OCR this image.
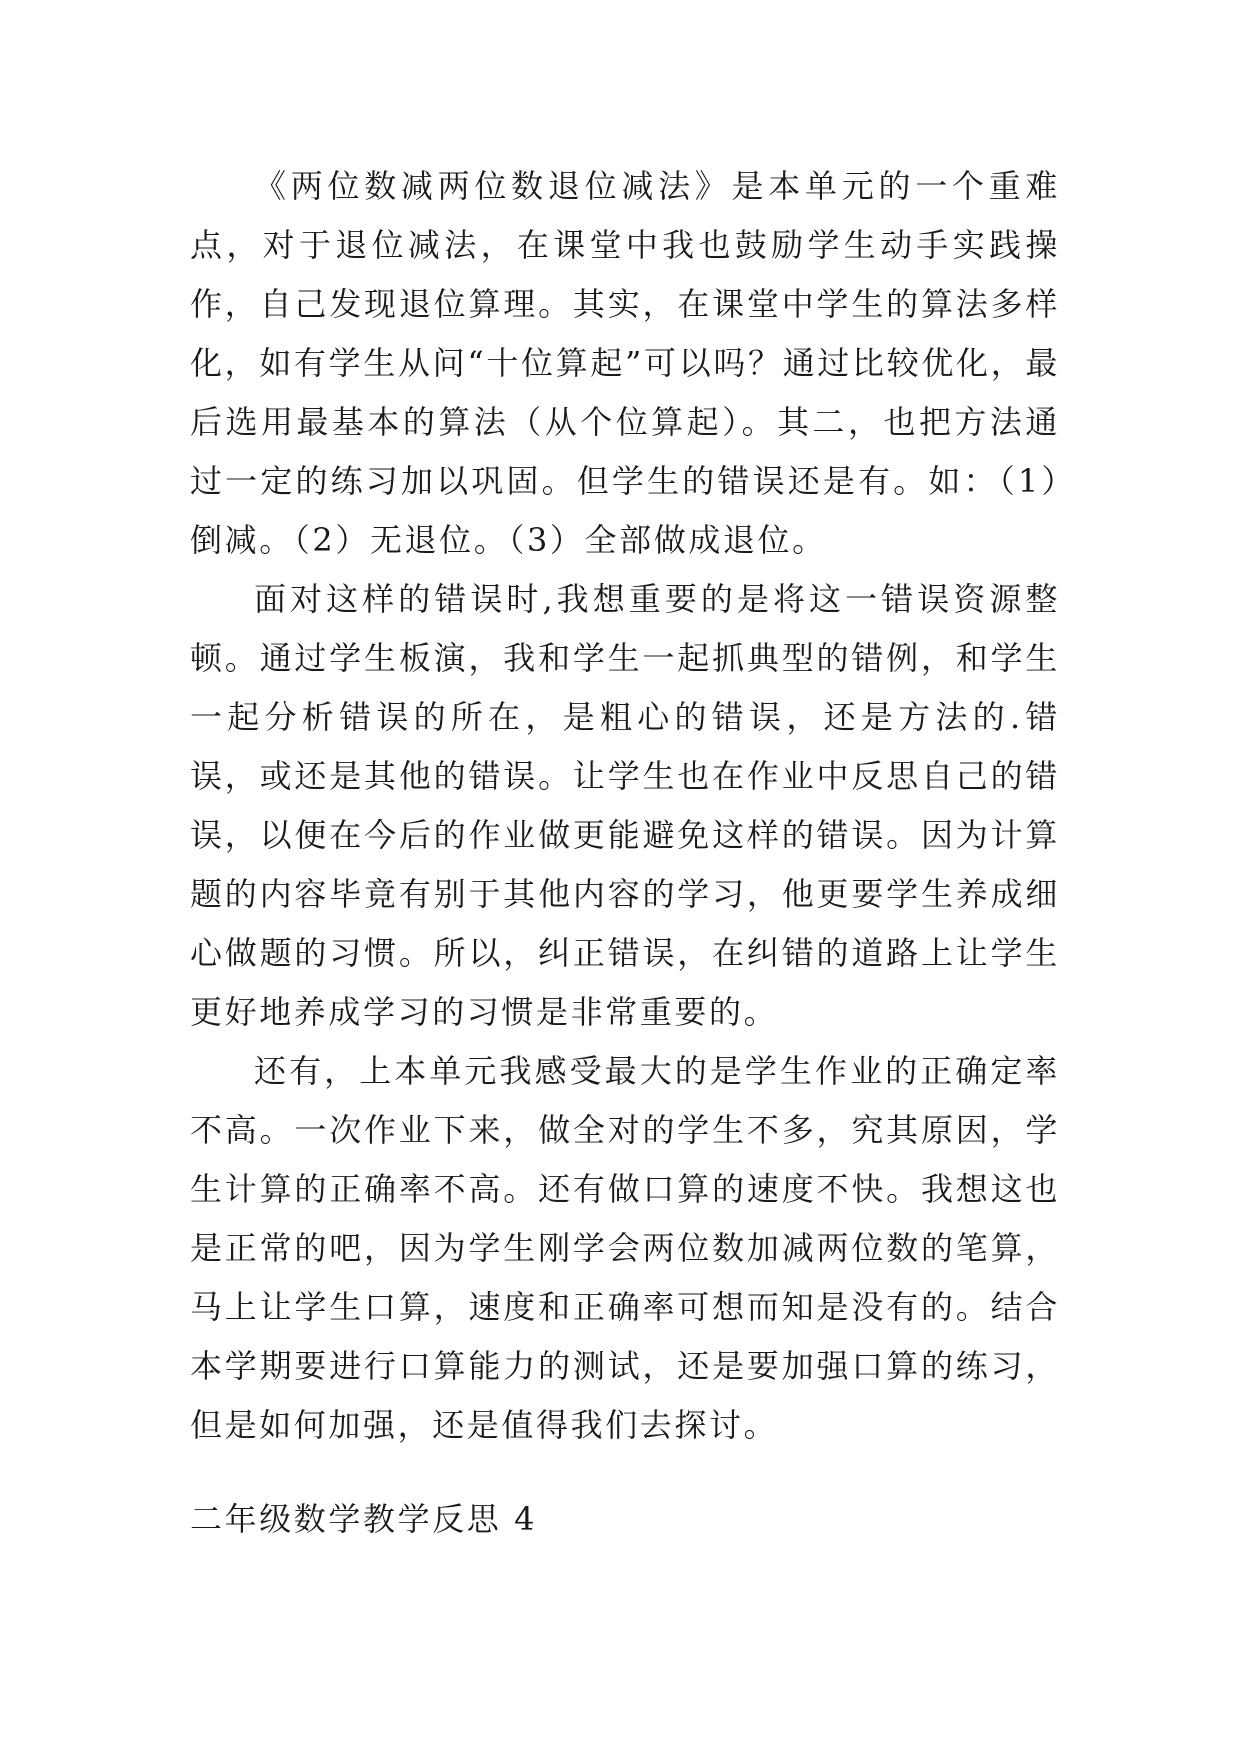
《两位数减两位数退位减法》是本单元的一个重难点，对于退位减法，在课堂中我也鼓励学生动手实践操作，自己发现退位算理。其实，在课堂中学生的算法多样化，如有学生从问“十位算起”可以吗？通过比较优化，最后选用最基本的算法（从个位算起）。其二，也把方法通过一定的练习加以巩固。但学生的错误还是有。如：（1）倒减。（2）无退位。（3）全部做成退位。

面对这样的错误时,我想重要的是将这一错误资源整顿。通过学生板演，我和学生一起抓典型的错例，和学生一起分析错误的所在，是粗心的错误，还是方法的.错误，或还是其他的错误。让学生也在作业中反思自己的错误，以便在今后的作业做更能避免这样的错误。因为计算题的内容毕竟有别于其他内容的学习，他更要学生养成细心做题的习惯。所以，纠正错误，在纠错的道路上让学生更好地养成学习的习惯是非常重要的。

还有，上本单元我感受最大的是学生作业的正确定率不高。一次作业下来，做全对的学生不多，究其原因，学生计算的正确率不高。还有做口算的速度不快。我想这也是正常的吧，因为学生刚学会两位数加减两位数的笔算，马上让学生口算，速度和正确率可想而知是没有的。结合本学期要进行口算能力的测试，还是要加强口算的练习，但是如何加强，还是值得我们去探讨。

二年级数学教学反思 4
